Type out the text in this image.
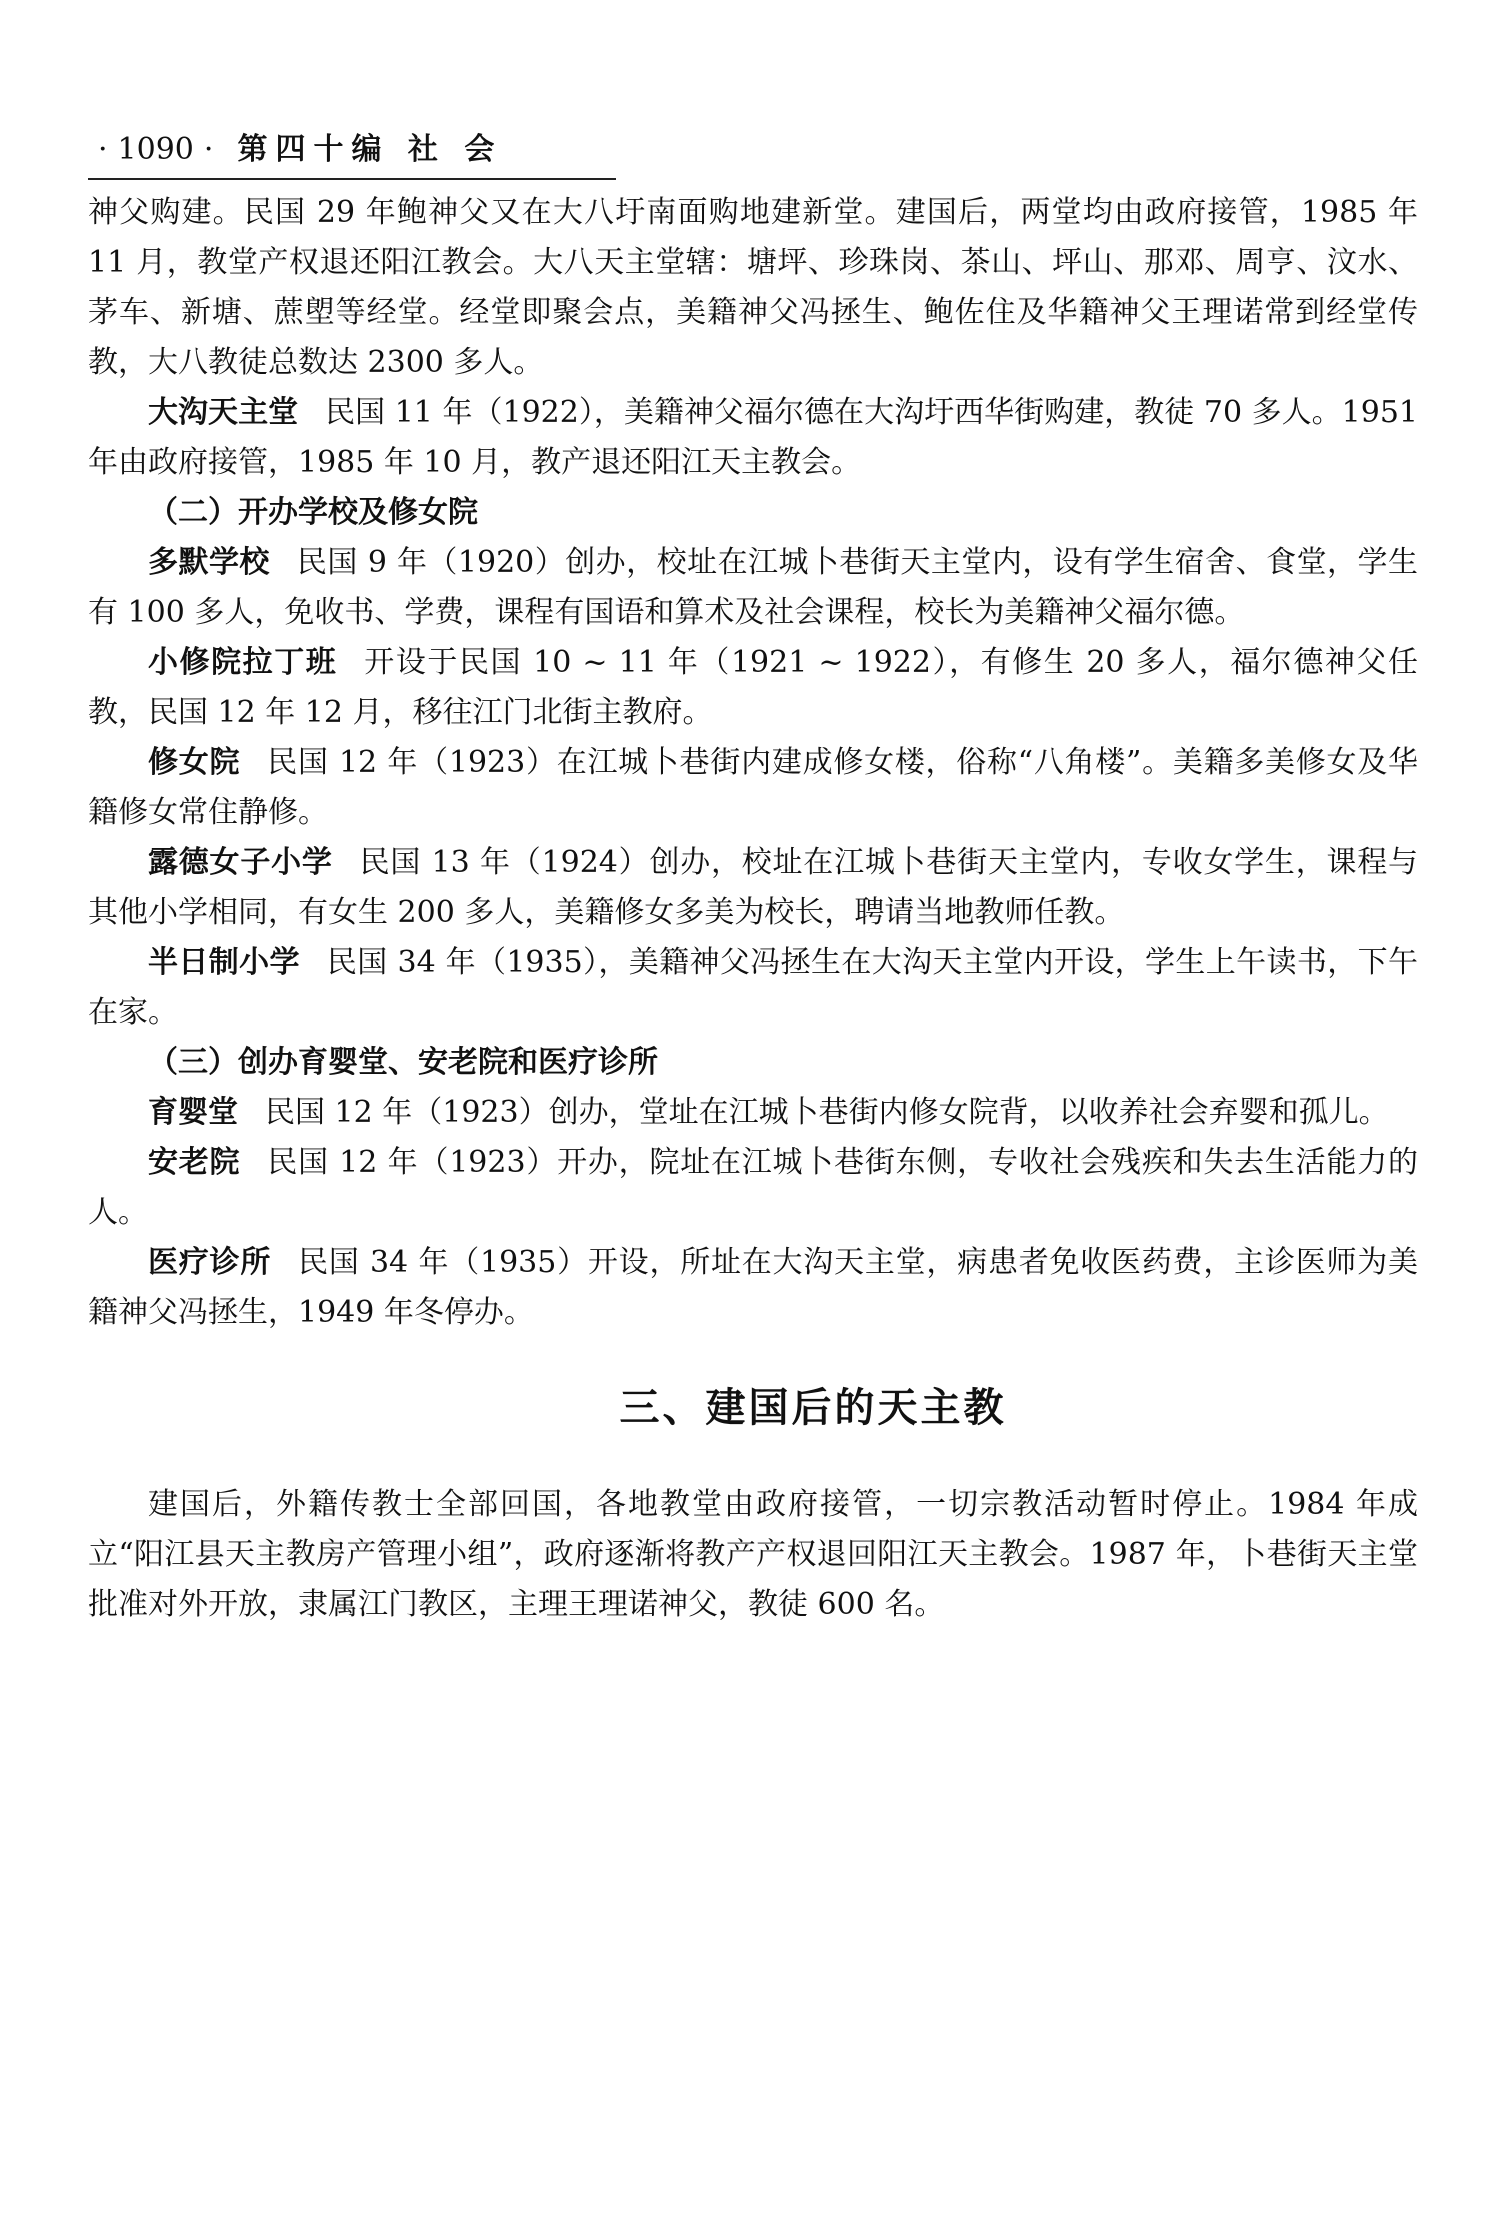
· 1090 · 第四十编 社 会

神父购建。民国 29 年鲍神父又在大八圩南面购地建新堂。建国后，两堂均由政府接管，1985 年 11 月，教堂产权退还阳江教会。大八天主堂辖：塘坪、珍珠岗、茶山、坪山、那邓、周亨、汶水、茅车、新塘、蔗塱等经堂。经堂即聚会点，美籍神父冯拯生、鲍佐住及华籍神父王理诺常到经堂传教，大八教徒总数达 2300 多人。

大沟天主堂 民国 11 年（1922），美籍神父福尔德在大沟圩西华街购建，教徒 70 多人。1951 年由政府接管，1985 年 10 月，教产退还阳江天主教会。

（二）开办学校及修女院

多默学校 民国 9 年（1920）创办，校址在江城卜巷街天主堂内，设有学生宿舍、食堂，学生有 100 多人，免收书、学费，课程有国语和算术及社会课程，校长为美籍神父福尔德。

小修院拉丁班 开设于民国 10 ~ 11 年（1921 ~ 1922），有修生 20 多人，福尔德神父任教，民国 12 年 12 月，移往江门北街主教府。

修女院 民国 12 年（1923）在江城卜巷街内建成修女楼，俗称“八角楼”。美籍多美修女及华籍修女常住静修。

露德女子小学 民国 13 年（1924）创办，校址在江城卜巷街天主堂内，专收女学生，课程与其他小学相同，有女生 200 多人，美籍修女多美为校长，聘请当地教师任教。

半日制小学 民国 34 年（1935），美籍神父冯拯生在大沟天主堂内开设，学生上午读书，下午在家。

（三）创办育婴堂、安老院和医疗诊所

育婴堂 民国 12 年（1923）创办，堂址在江城卜巷街内修女院背，以收养社会弃婴和孤儿。

安老院 民国 12 年（1923）开办，院址在江城卜巷街东侧，专收社会残疾和失去生活能力的人。

医疗诊所 民国 34 年（1935）开设，所址在大沟天主堂，病患者免收医药费，主诊医师为美籍神父冯拯生，1949 年冬停办。

三、建国后的天主教

建国后，外籍传教士全部回国，各地教堂由政府接管，一切宗教活动暂时停止。1984 年成立“阳江县天主教房产管理小组”，政府逐渐将教产产权退回阳江天主教会。1987 年，卜巷街天主堂批准对外开放，隶属江门教区，主理王理诺神父，教徒 600 名。
